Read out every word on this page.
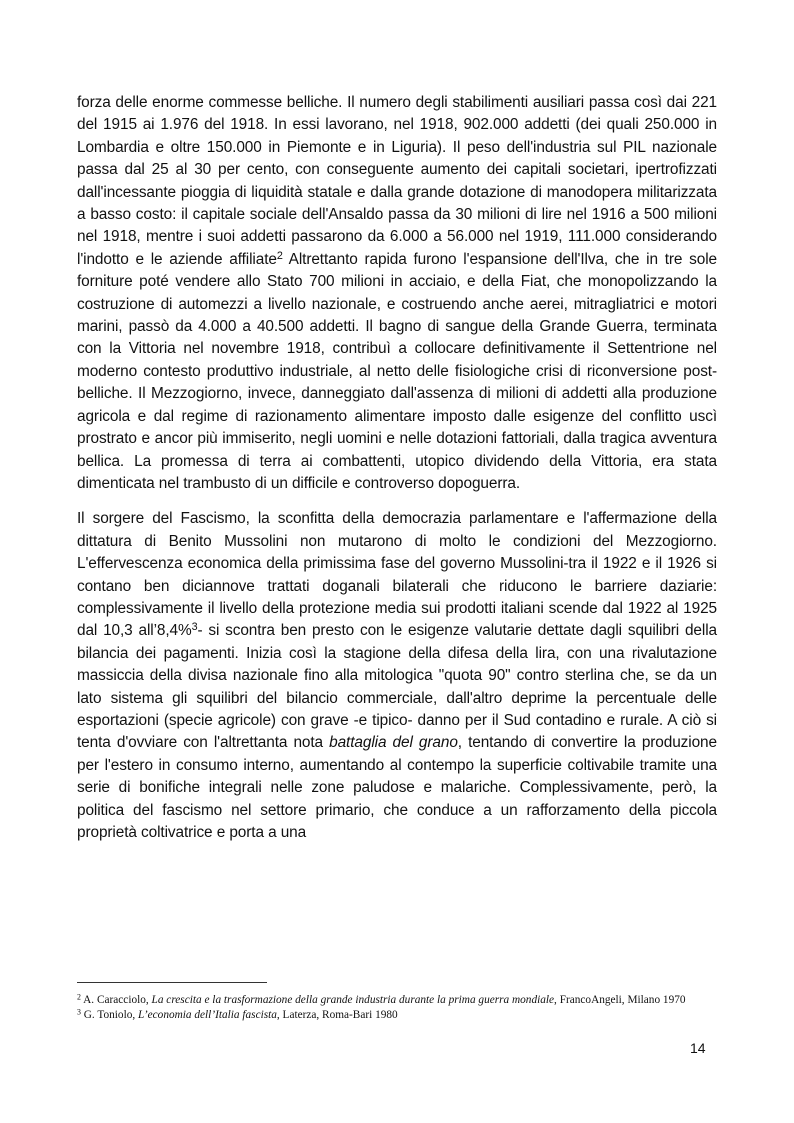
forza delle enorme commesse belliche. Il numero degli stabilimenti ausiliari passa così dai 221 del 1915 ai 1.976 del 1918. In essi lavorano, nel 1918, 902.000 addetti (dei quali 250.000 in Lombardia e oltre 150.000 in Piemonte e in Liguria). Il peso dell'industria sul PIL nazionale passa dal 25 al 30 per cento, con conseguente aumento dei capitali societari, ipertrofizzati dall'incessante pioggia di liquidità statale e dalla grande dotazione di manodopera militarizzata a basso costo: il capitale sociale dell'Ansaldo passa da 30 milioni di lire nel 1916 a 500 milioni nel 1918, mentre i suoi addetti passarono da 6.000 a 56.000 nel 1919, 111.000 considerando l'indotto e le aziende affiliate$^2$ Altrettanto rapida furono l'espansione dell'Ilva, che in tre sole forniture poté vendere allo Stato 700 milioni in acciaio, e della Fiat, che monopolizzando la costruzione di automezzi a livello nazionale, e costruendo anche aerei, mitragliatrici e motori marini, passò da 4.000 a 40.500 addetti. Il bagno di sangue della Grande Guerra, terminata con la Vittoria nel novembre 1918, contribuì a collocare definitivamente il Settentrione nel moderno contesto produttivo industriale, al netto delle fisiologiche crisi di riconversione post-belliche. Il Mezzogiorno, invece, danneggiato dall'assenza di milioni di addetti alla produzione agricola e dal regime di razionamento alimentare imposto dalle esigenze del conflitto uscì prostrato e ancor più immiserito, negli uomini e nelle dotazioni fattoriali, dalla tragica avventura bellica. La promessa di terra ai combattenti, utopico dividendo della Vittoria, era stata dimenticata nel trambusto di un difficile e controverso dopoguerra.

Il sorgere del Fascismo, la sconfitta della democrazia parlamentare e l'affermazione della dittatura di Benito Mussolini non mutarono di molto le condizioni del Mezzogiorno. L'effervescenza economica della primissima fase del governo Mussolini-tra il 1922 e il 1926 si contano ben diciannove trattati doganali bilaterali che riducono le barriere daziarie: complessivamente il livello della protezione media sui prodotti italiani scende dal 1922 al 1925 dal 10,3 all’8,4%$^3$- si scontra ben presto con le esigenze valutarie dettate dagli squilibri della bilancia dei pagamenti. Inizia così la stagione della difesa della lira, con una rivalutazione massiccia della divisa nazionale fino alla mitologica "quota 90" contro sterlina che, se da un lato sistema gli squilibri del bilancio commerciale, dall'altro deprime la percentuale delle esportazioni (specie agricole) con grave -e tipico- danno per il Sud contadino e rurale. A ciò si tenta d'ovviare con l'altrettanta nota battaglia del grano, tentando di convertire la produzione per l'estero in consumo interno, aumentando al contempo la superficie coltivabile tramite una serie di bonifiche integrali nelle zone paludose e malariche. Complessivamente, però, la politica del fascismo nel settore primario, che conduce a un rafforzamento della piccola proprietà coltivatrice e porta a una

$^2$ A. Caracciolo, La crescita e la trasformazione della grande industria durante la prima guerra mondiale, FrancoAngeli, Milano 1970
$^3$ G. Toniolo, L’economia dell’Italia fascista, Laterza, Roma-Bari 1980
14
